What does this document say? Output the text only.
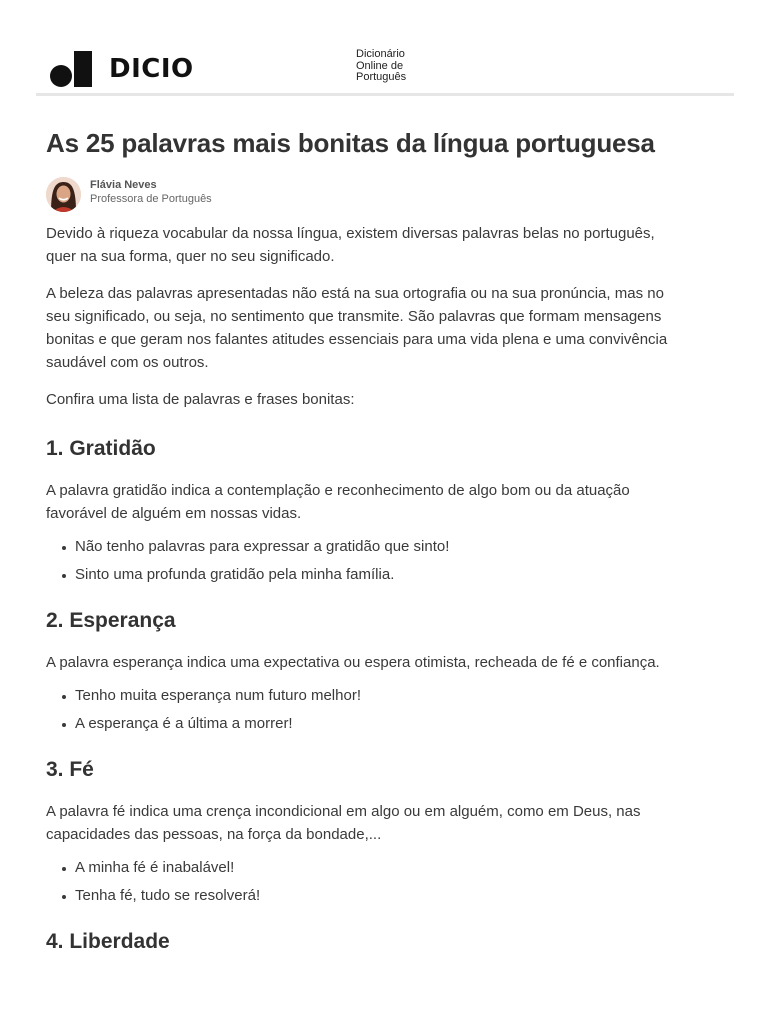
DICIO	Dicionário
Online de
Português
As 25 palavras mais bonitas da língua portuguesa
Flávia Neves
Professora de Português

Devido à riqueza vocabular da nossa língua, existem diversas palavras belas no português, quer na sua forma, quer no seu significado.

A beleza das palavras apresentadas não está na sua ortografia ou na sua pronúncia, mas no seu significado, ou seja, no sentimento que transmite. São palavras que formam mensagens bonitas e que geram nos falantes atitudes essenciais para uma vida plena e uma convivência saudável com os outros.

Confira uma lista de palavras e frases bonitas:

1. Gratidão

A palavra gratidão indica a contemplação e reconhecimento de algo bom ou da atuação favorável de alguém em nossas vidas.

Não tenho palavras para expressar a gratidão que sinto!
Sinto uma profunda gratidão pela minha família.
2. Esperança

A palavra esperança indica uma expectativa ou espera otimista, recheada de fé e confiança.

Tenho muita esperança num futuro melhor!
A esperança é a última a morrer!
3. Fé

A palavra fé indica uma crença incondicional em algo ou em alguém, como em Deus, nas capacidades das pessoas, na força da bondade,...

A minha fé é inabalável!
Tenha fé, tudo se resolverá!
4. Liberdade
